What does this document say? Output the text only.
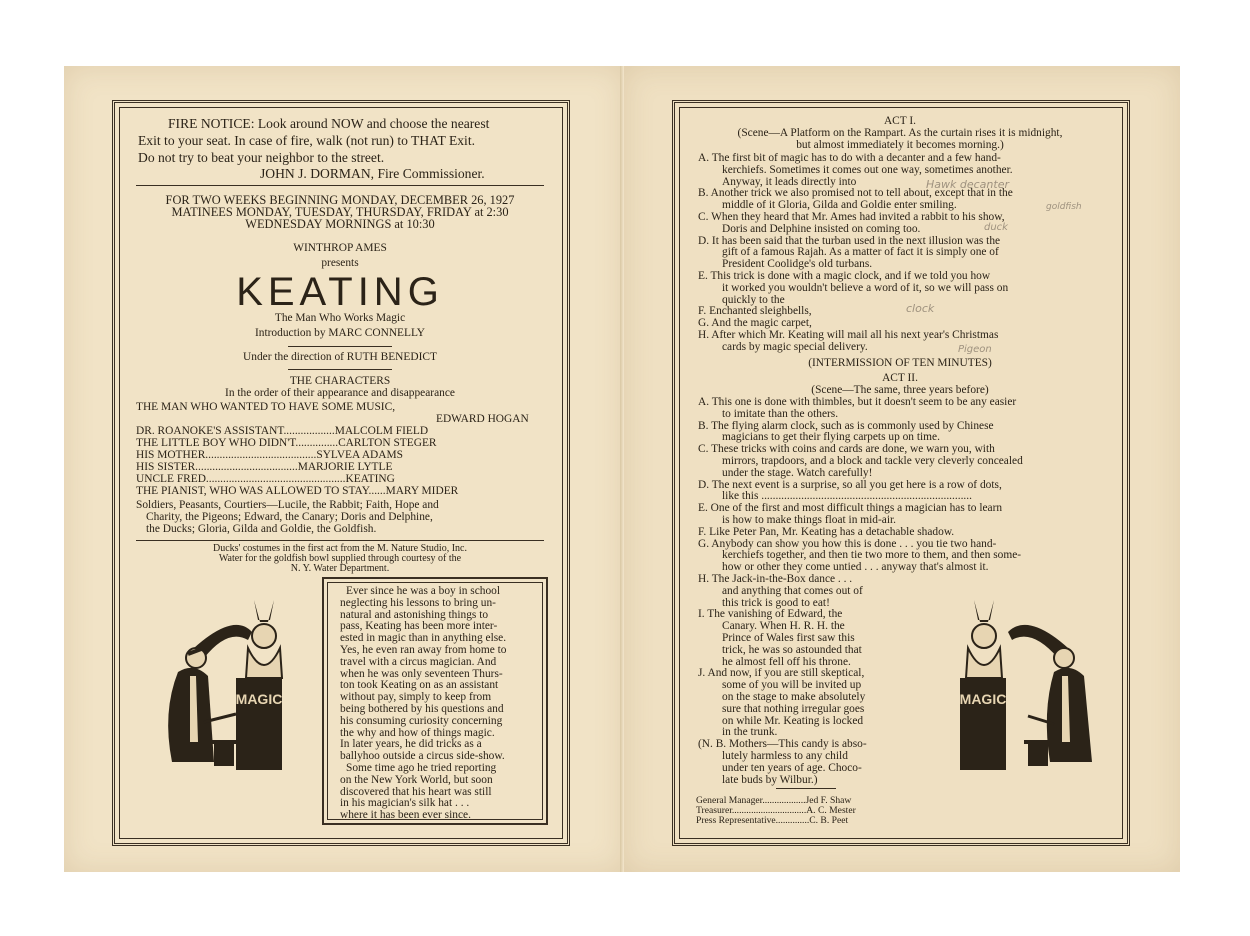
FIRE NOTICE: Look around NOW and choose the nearest
Exit to your seat. In case of fire, walk (not run) to THAT Exit.
Do not try to beat your neighbor to the street.
JOHN J. DORMAN, Fire Commissioner.
FOR TWO WEEKS BEGINNING MONDAY, DECEMBER 26, 1927
MATINEES MONDAY, TUESDAY, THURSDAY, FRIDAY at 2:30
WEDNESDAY MORNINGS at 10:30
WINTHROP AMES
presents
KEATING
The Man Who Works Magic
Introduction by MARC CONNELLY
Under the direction of RUTH BENEDICT
THE CHARACTERS
In the order of their appearance and disappearance
THE MAN WHO WANTED TO HAVE SOME MUSIC,
EDWARD HOGAN
DR. ROANOKE'S ASSISTANT..................MALCOLM FIELD
THE LITTLE BOY WHO DIDN'T...............CARLTON STEGER
HIS MOTHER.......................................SYLVEA ADAMS
HIS SISTER....................................MARJORIE LYTLE
UNCLE FRED.................................................KEATING
THE PIANIST, WHO WAS ALLOWED TO STAY......MARY MIDER
Soldiers, Peasants, Courtiers—Lucile, the Rabbit; Faith, Hope and
Charity, the Pigeons; Edward, the Canary; Doris and Delphine,
the Ducks; Gloria, Gilda and Goldie, the Goldfish.
Ducks' costumes in the first act from the M. Nature Studio, Inc.
Water for the goldfish bowl supplied through courtesy of the
N. Y. Water Department.
Ever since he was a boy in school
neglecting his lessons to bring un-
natural and astonishing things to
pass, Keating has been more inter-
ested in magic than in anything else.
Yes, he even ran away from home to
travel with a circus magician. And
when he was only seventeen Thurs-
ton took Keating on as an assistant
without pay, simply to keep from
being bothered by his questions and
his consuming curiosity concerning
the why and how of things magic.
In later years, he did tricks as a
ballyhoo outside a circus side-show.
Some time ago he tried reporting
on the New York World, but soon
discovered that his heart was still
in his magician's silk hat . . .
where it has been ever since.
MAGIC
ACT I.
(Scene—A Platform on the Rampart. As the curtain rises it is midnight,
but almost immediately it becomes morning.)
A. The first bit of magic has to do with a decanter and a few hand-
kerchiefs. Sometimes it comes out one way, sometimes another.
Anyway, it leads directly into
B. Another trick we also promised not to tell about, except that in the
middle of it Gloria, Gilda and Goldie enter smiling.
C. When they heard that Mr. Ames had invited a rabbit to his show,
Doris and Delphine insisted on coming too.
D. It has been said that the turban used in the next illusion was the
gift of a famous Rajah. As a matter of fact it is simply one of
President Coolidge's old turbans.
E. This trick is done with a magic clock, and if we told you how
it worked you wouldn't believe a word of it, so we will pass on
quickly to the
F. Enchanted sleighbells,
G. And the magic carpet,
H. After which Mr. Keating will mail all his next year's Christmas
cards by magic special delivery.
(INTERMISSION OF TEN MINUTES)
ACT II.
(Scene—The same, three years before)
A. This one is done with thimbles, but it doesn't seem to be any easier
to imitate than the others.
B. The flying alarm clock, such as is commonly used by Chinese
magicians to get their flying carpets up on time.
C. These tricks with coins and cards are done, we warn you, with
mirrors, trapdoors, and a block and tackle very cleverly concealed
under the stage. Watch carefully!
D. The next event is a surprise, so all you get here is a row of dots,
like this ..........................................................................
E. One of the first and most difficult things a magician has to learn
is how to make things float in mid-air.
F. Like Peter Pan, Mr. Keating has a detachable shadow.
G. Anybody can show you how this is done . . . you tie two hand-
kerchiefs together, and then tie two more to them, and then some-
how or other they come untied . . . anyway that's almost it.
H. The Jack-in-the-Box dance . . .
and anything that comes out of
this trick is good to eat!
I. The vanishing of Edward, the
Canary. When H. R. H. the
Prince of Wales first saw this
trick, he was so astounded that
he almost fell off his throne.
J. And now, if you are still skeptical,
some of you will be invited up
on the stage to make absolutely
sure that nothing irregular goes
on while Mr. Keating is locked
in the trunk.
(N. B. Mothers—This candy is abso-
lutely harmless to any child
under ten years of age. Choco-
late buds by Wilbur.)
General Manager..................Jed F. Shaw
Treasurer...............................A. C. Mester
Press Representative..............C. B. Peet
MAGIC
Hawk decanter
goldfish
duck
clock
Pigeon
